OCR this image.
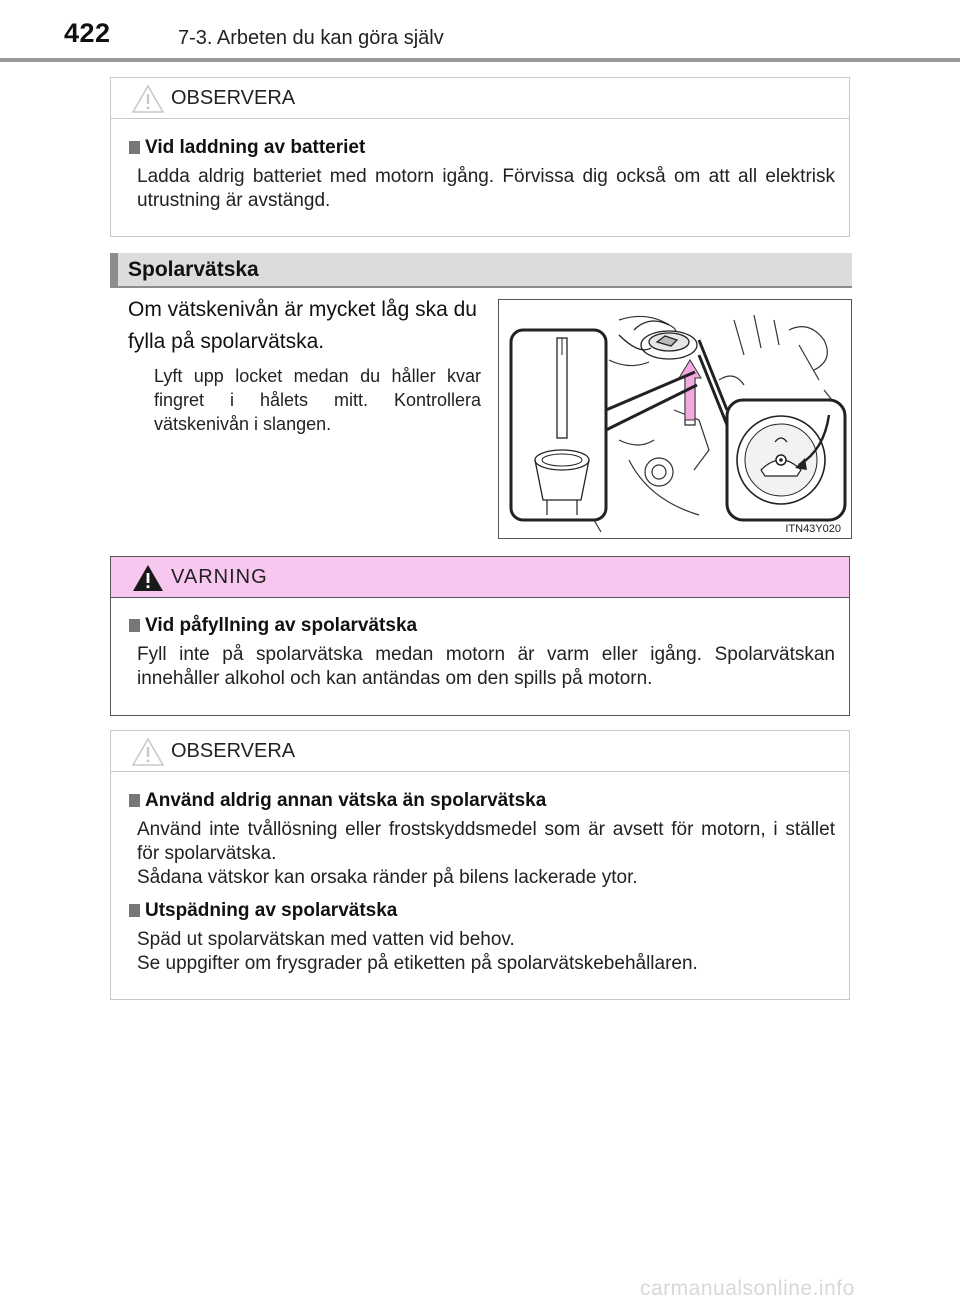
422	7-3. Arbeten du kan göra själv
OBSERVERA
Vid laddning av batteriet
Ladda aldrig batteriet med motorn igång. Förvissa dig också om att all elektrisk utrustning är avstängd.
Spolarvätska
Om vätskenivån är mycket låg ska du fylla på spolarvätska.
Lyft upp locket medan du håller kvar fingret i hålets mitt. Kontrollera vätskenivån i slangen.
ITN43Y020
VARNING
Vid påfyllning av spolarvätska
Fyll inte på spolarvätska medan motorn är varm eller igång. Spolarvätskan innehåller alkohol och kan antändas om den spills på motorn.
OBSERVERA
Använd aldrig annan vätska än spolarvätska
Använd inte tvållösning eller frostskyddsmedel som är avsett för motorn, i stället för spolarvätska.
Sådana vätskor kan orsaka ränder på bilens lackerade ytor.
Utspädning av spolarvätska
Späd ut spolarvätskan med vatten vid behov.
Se uppgifter om frysgrader på etiketten på spolarvätskebehållaren.
carmanualsonline.info
